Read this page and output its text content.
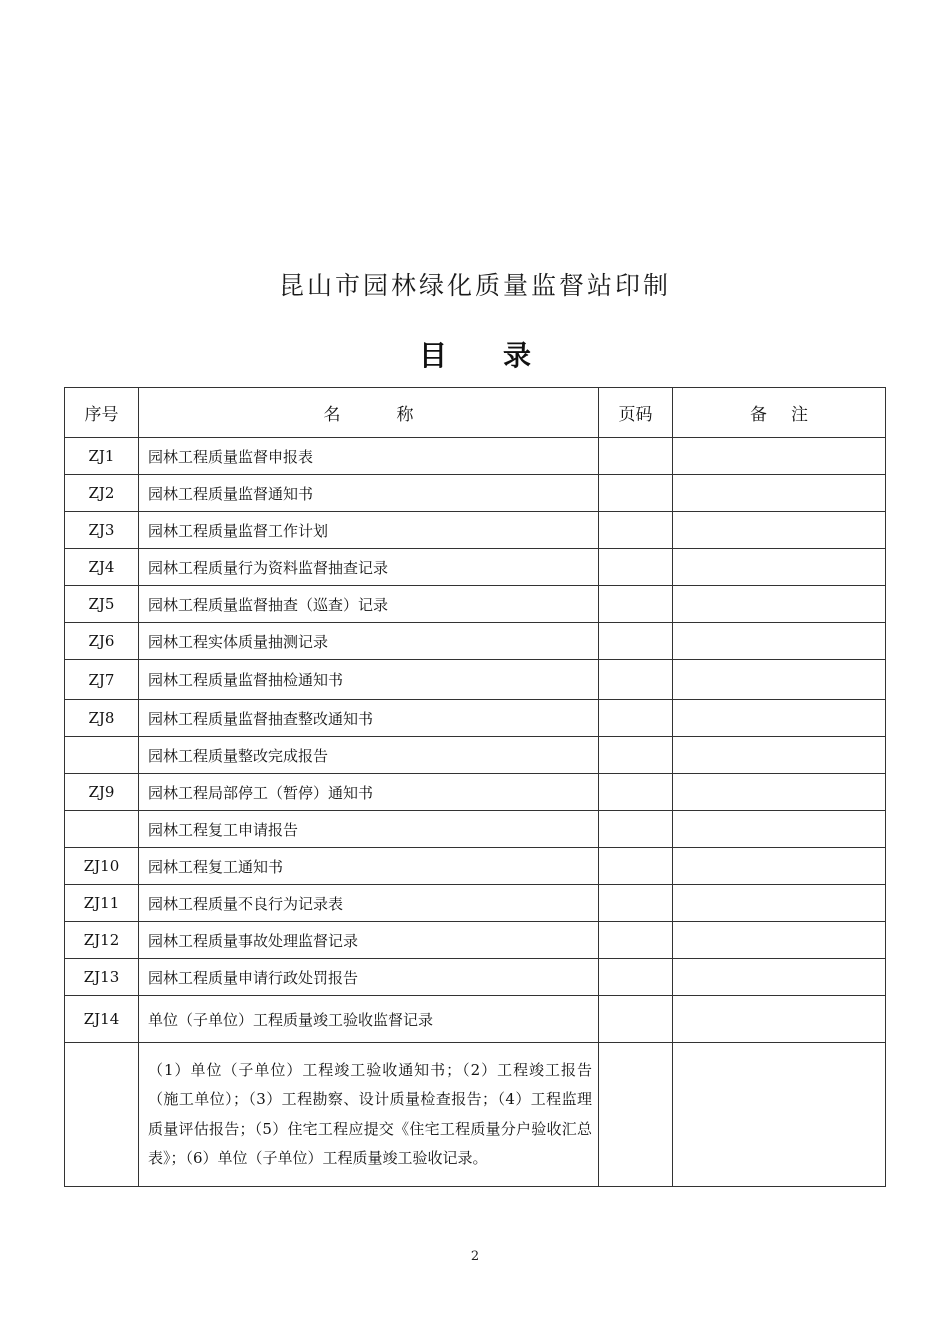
昆山市园林绿化质量监督站印制
目 录
序号	名 称	页码	备 注
ZJ1	园林工程质量监督申报表		
ZJ2	园林工程质量监督通知书		
ZJ3	园林工程质量监督工作计划		
ZJ4	园林工程质量行为资料监督抽查记录		
ZJ5	园林工程质量监督抽查（巡查）记录		
ZJ6	园林工程实体质量抽测记录		
ZJ7	园林工程质量监督抽检通知书		
ZJ8	园林工程质量监督抽查整改通知书		
	园林工程质量整改完成报告		
ZJ9	园林工程局部停工（暂停）通知书		
	园林工程复工申请报告		
ZJ10	园林工程复工通知书		
ZJ11	园林工程质量不良行为记录表		
ZJ12	园林工程质量事故处理监督记录		
ZJ13	园林工程质量申请行政处罚报告		
ZJ14	单位（子单位）工程质量竣工验收监督记录		
	（1）单位（子单位）工程竣工验收通知书；（2）工程竣工报告（施工单位）；（3）工程勘察、设计质量检查报告；（4）工程监理质量评估报告；（5）住宅工程应提交《住宅工程质量分户验收汇总表》；（6）单位（子单位）工程质量竣工验收记录。		
2
